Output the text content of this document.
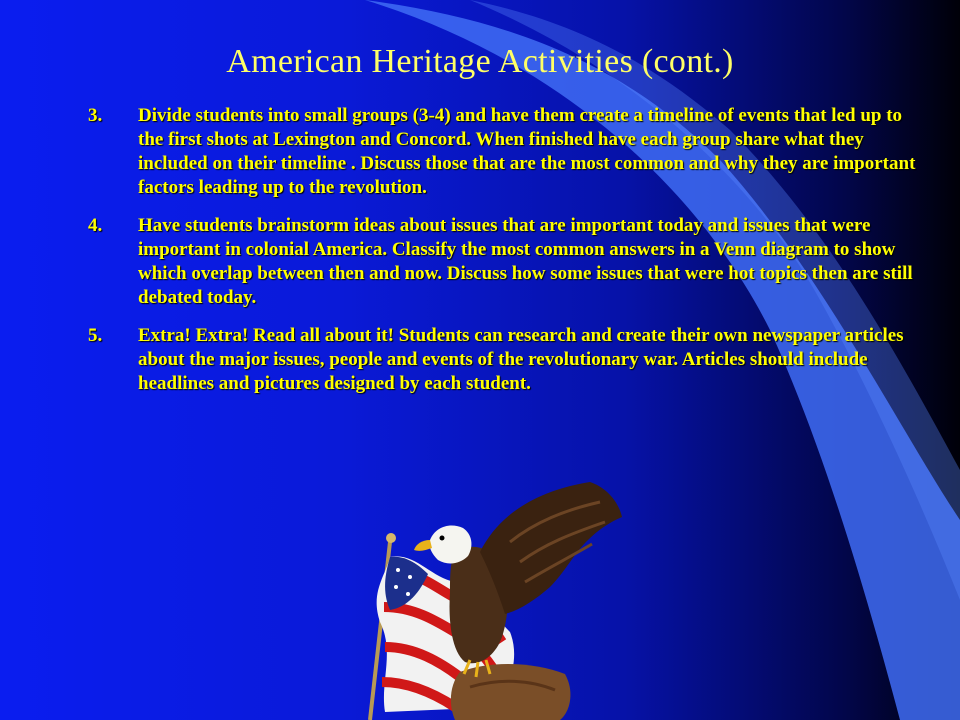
American Heritage Activities (cont.)
3.	Divide students into small groups (3-4) and have them create a timeline of events that led up to the first shots at Lexington and Concord. When finished have each group share what they included on their timeline . Discuss those that are the most common and why they are important factors leading up to the revolution.
4.	Have students brainstorm ideas about issues that are important today and issues that were important in colonial America. Classify the most common answers in a Venn diagram to show which overlap between then and now. Discuss how some issues that were hot topics then are still debated today.
5.	Extra! Extra! Read all about it! Students can research and create their own newspaper articles about the major issues, people and events of the revolutionary war. Articles should include headlines and pictures designed by each student.
